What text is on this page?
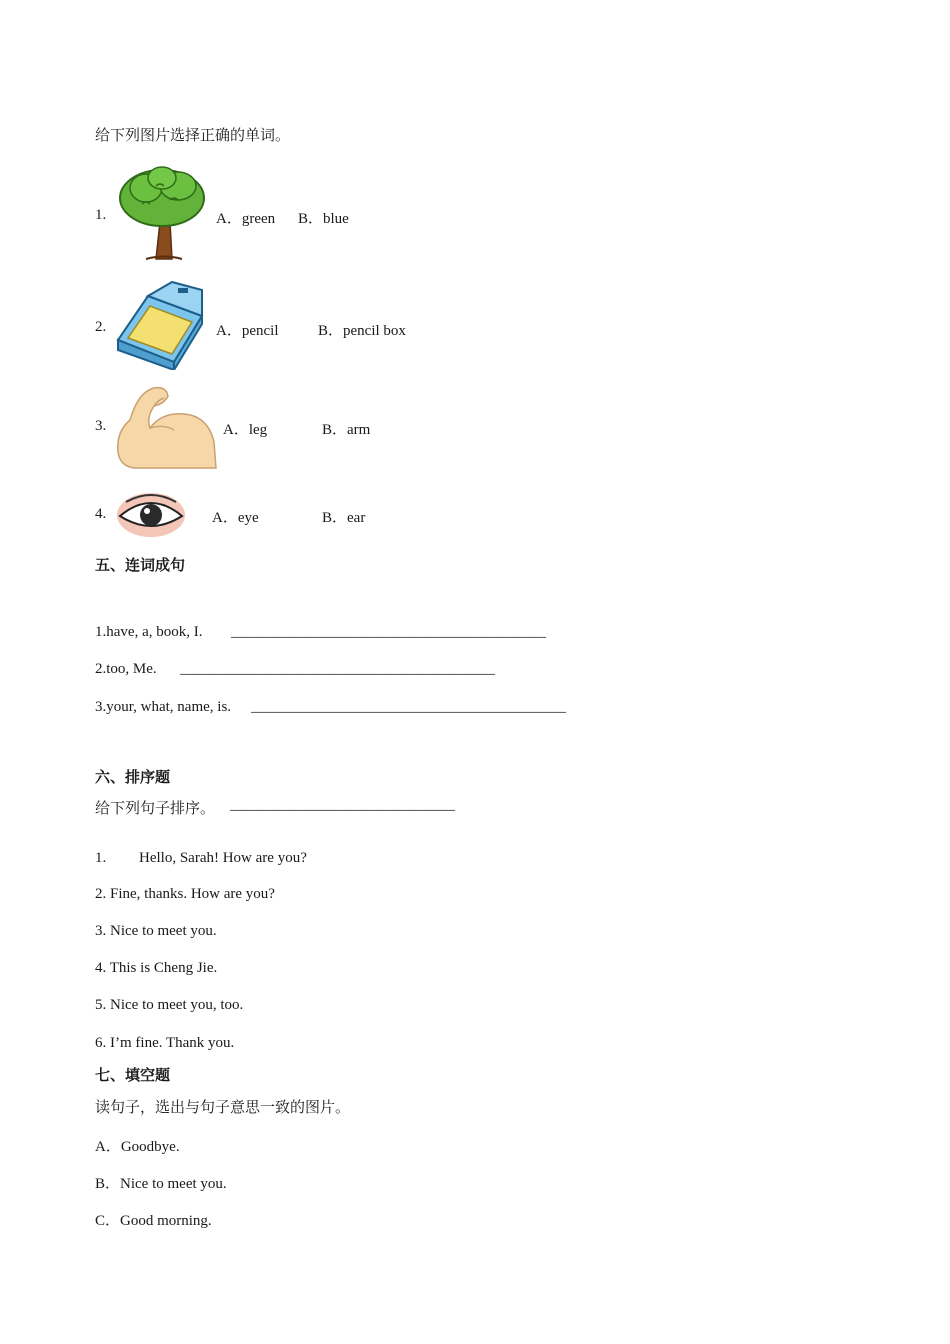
给下列图片选择正确的单词。
1.	A．green B．blue
2.	A．pencil	B．pencil box
3.	A．leg	B．arm
4.	A．eye	B．ear
五、连词成句
1.have, a, book, I. __________________________________________
2.too, Me. __________________________________________
3.your, what, name, is. __________________________________________
六、排序题
给下列句子排序。 ______________________________
1. Hello, Sarah! How are you?
2. Fine, thanks. How are you?
3. Nice to meet you.
4. This is Cheng Jie.
5. Nice to meet you, too.
6. I’m fine. Thank you.
七、填空题
读句子，选出与句子意思一致的图片。
A．Goodbye.
B．Nice to meet you.
C．Good morning.
